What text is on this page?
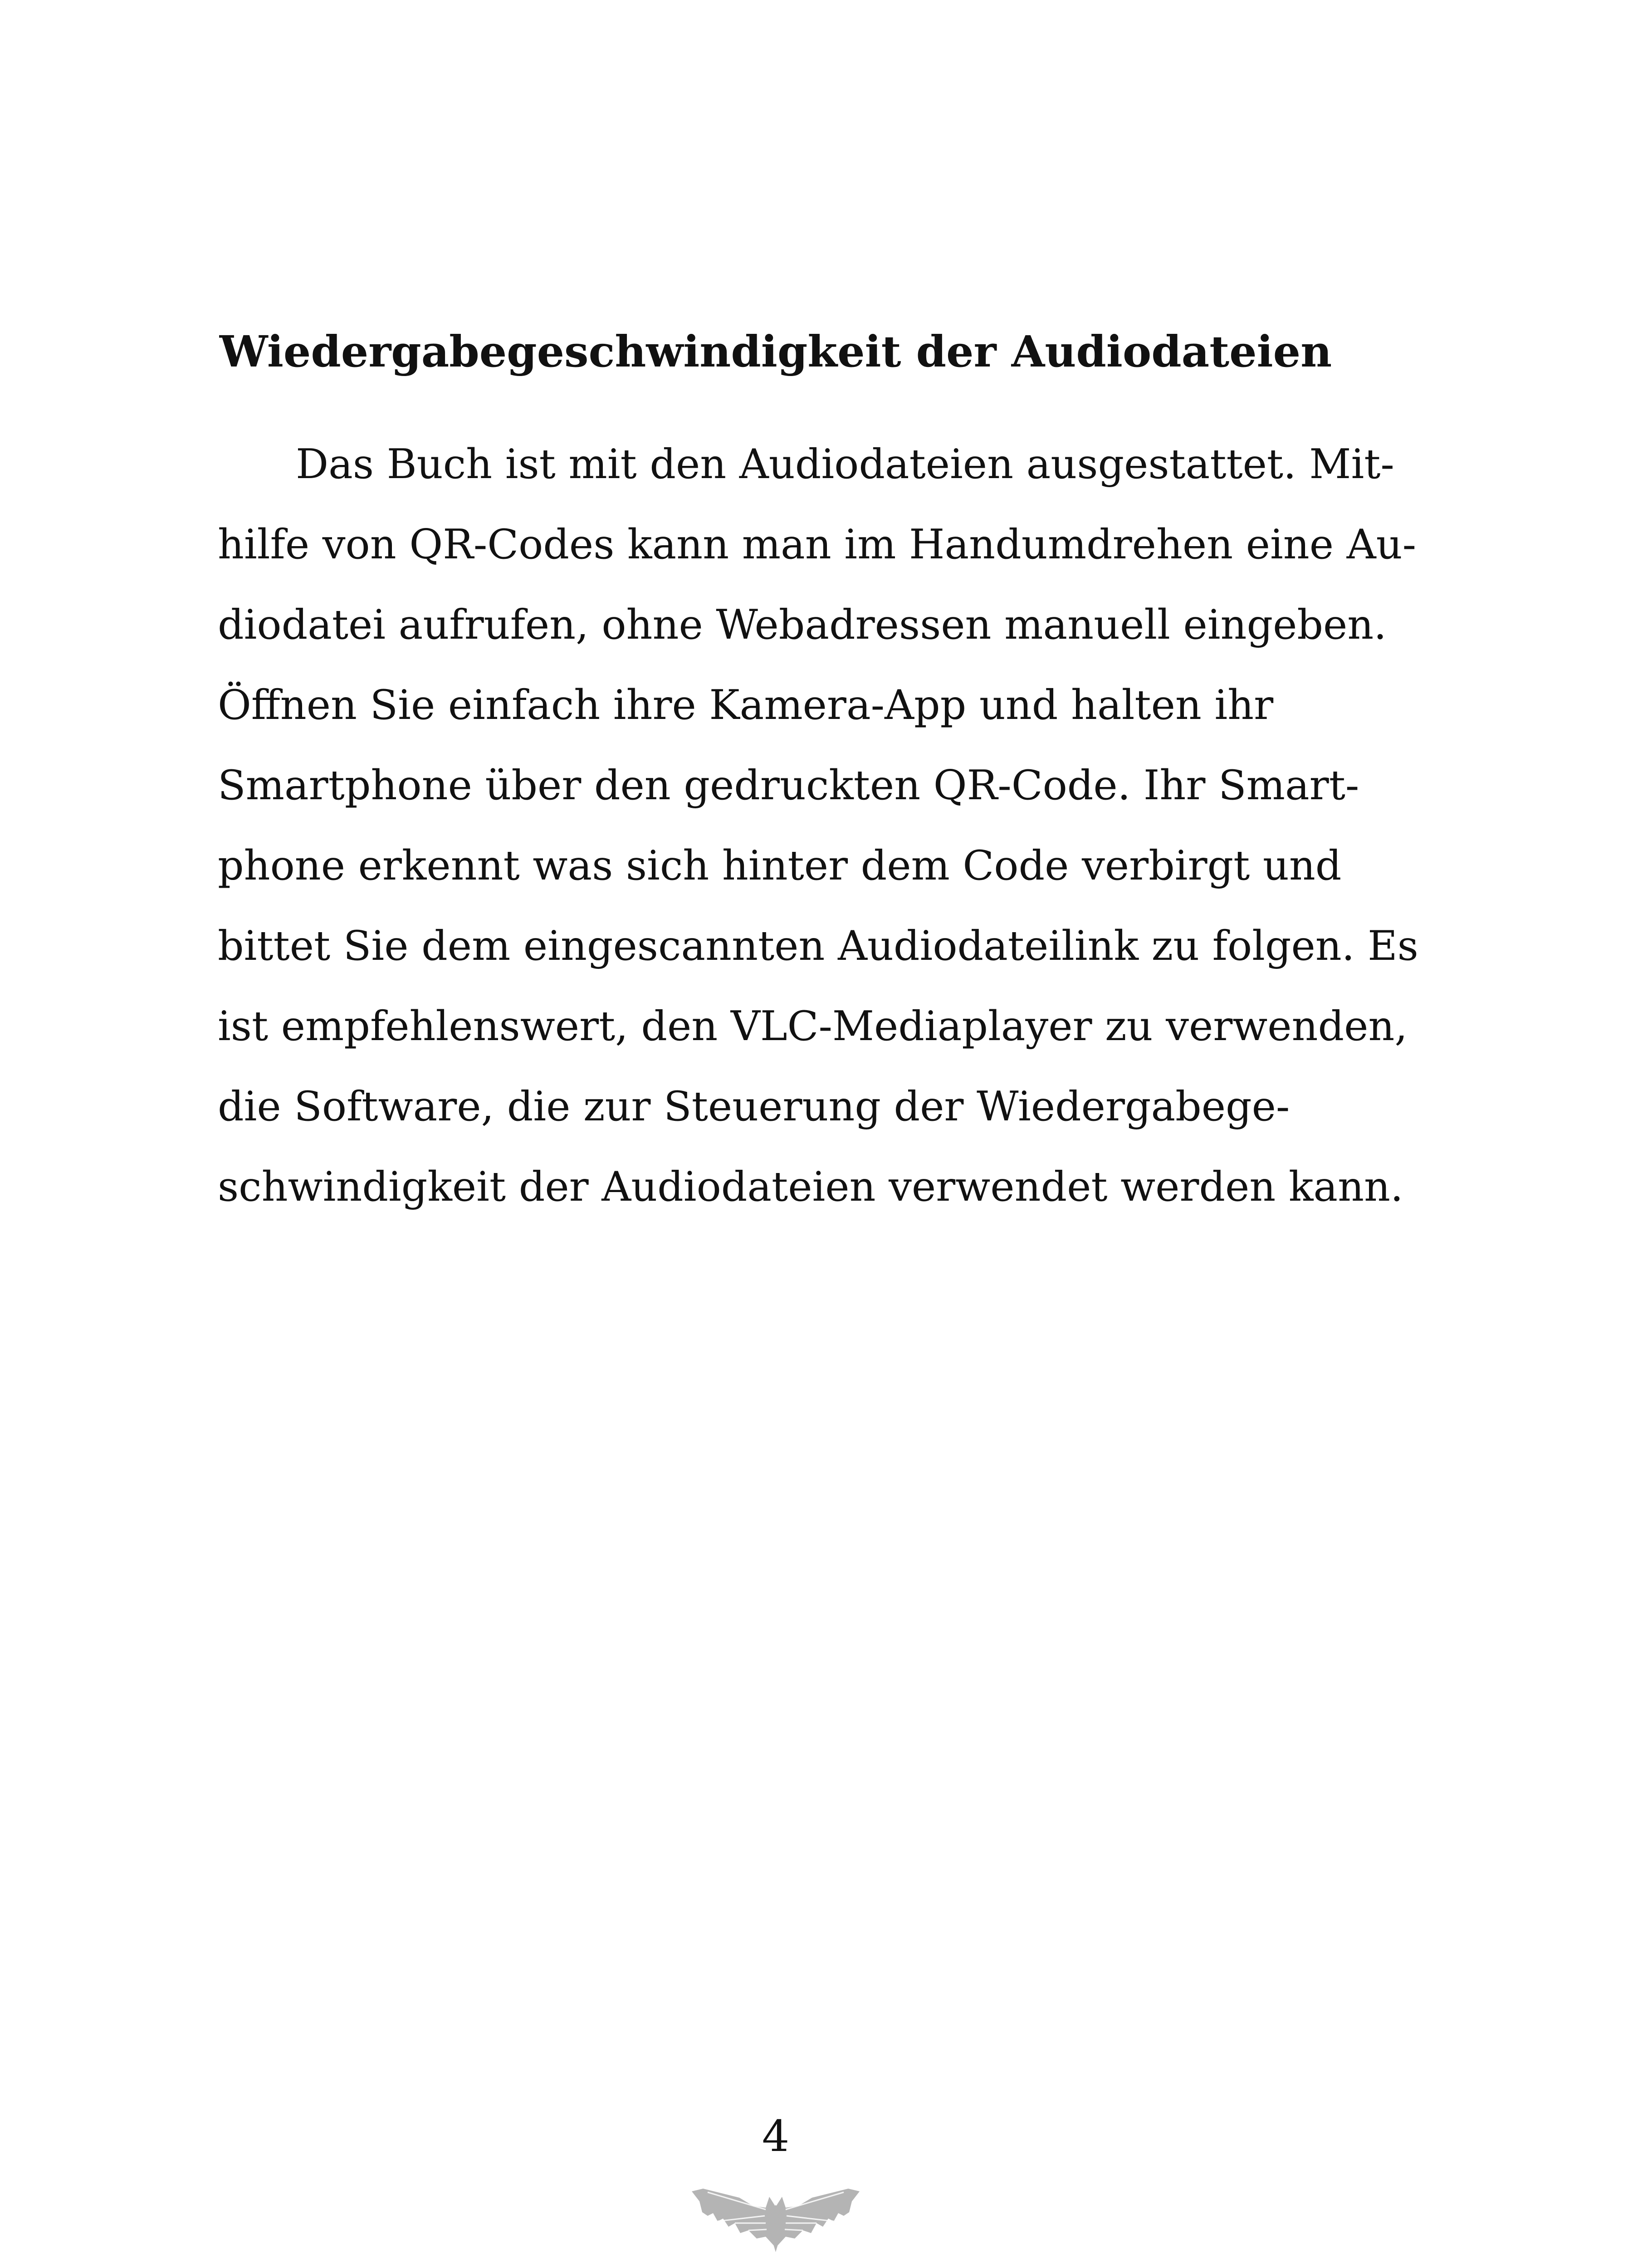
Wiedergabegeschwindigkeit der Audiodateien
Das Buch ist mit den Audiodateien ausgestattet. Mit-
hilfe von QR-Codes kann man im Handumdrehen eine Au-
diodatei aufrufen, ohne Webadressen manuell eingeben.
Öffnen Sie einfach ihre Kamera-App und halten ihr
Smartphone über den gedruckten QR-Code. Ihr Smart-
phone erkennt was sich hinter dem Code verbirgt und
bittet Sie dem eingescannten Audiodateilink zu folgen. Es
ist empfehlenswert, den VLC-Mediaplayer zu verwenden,
die Software, die zur Steuerung der Wiedergabege-
schwindigkeit der Audiodateien verwendet werden kann.
4
